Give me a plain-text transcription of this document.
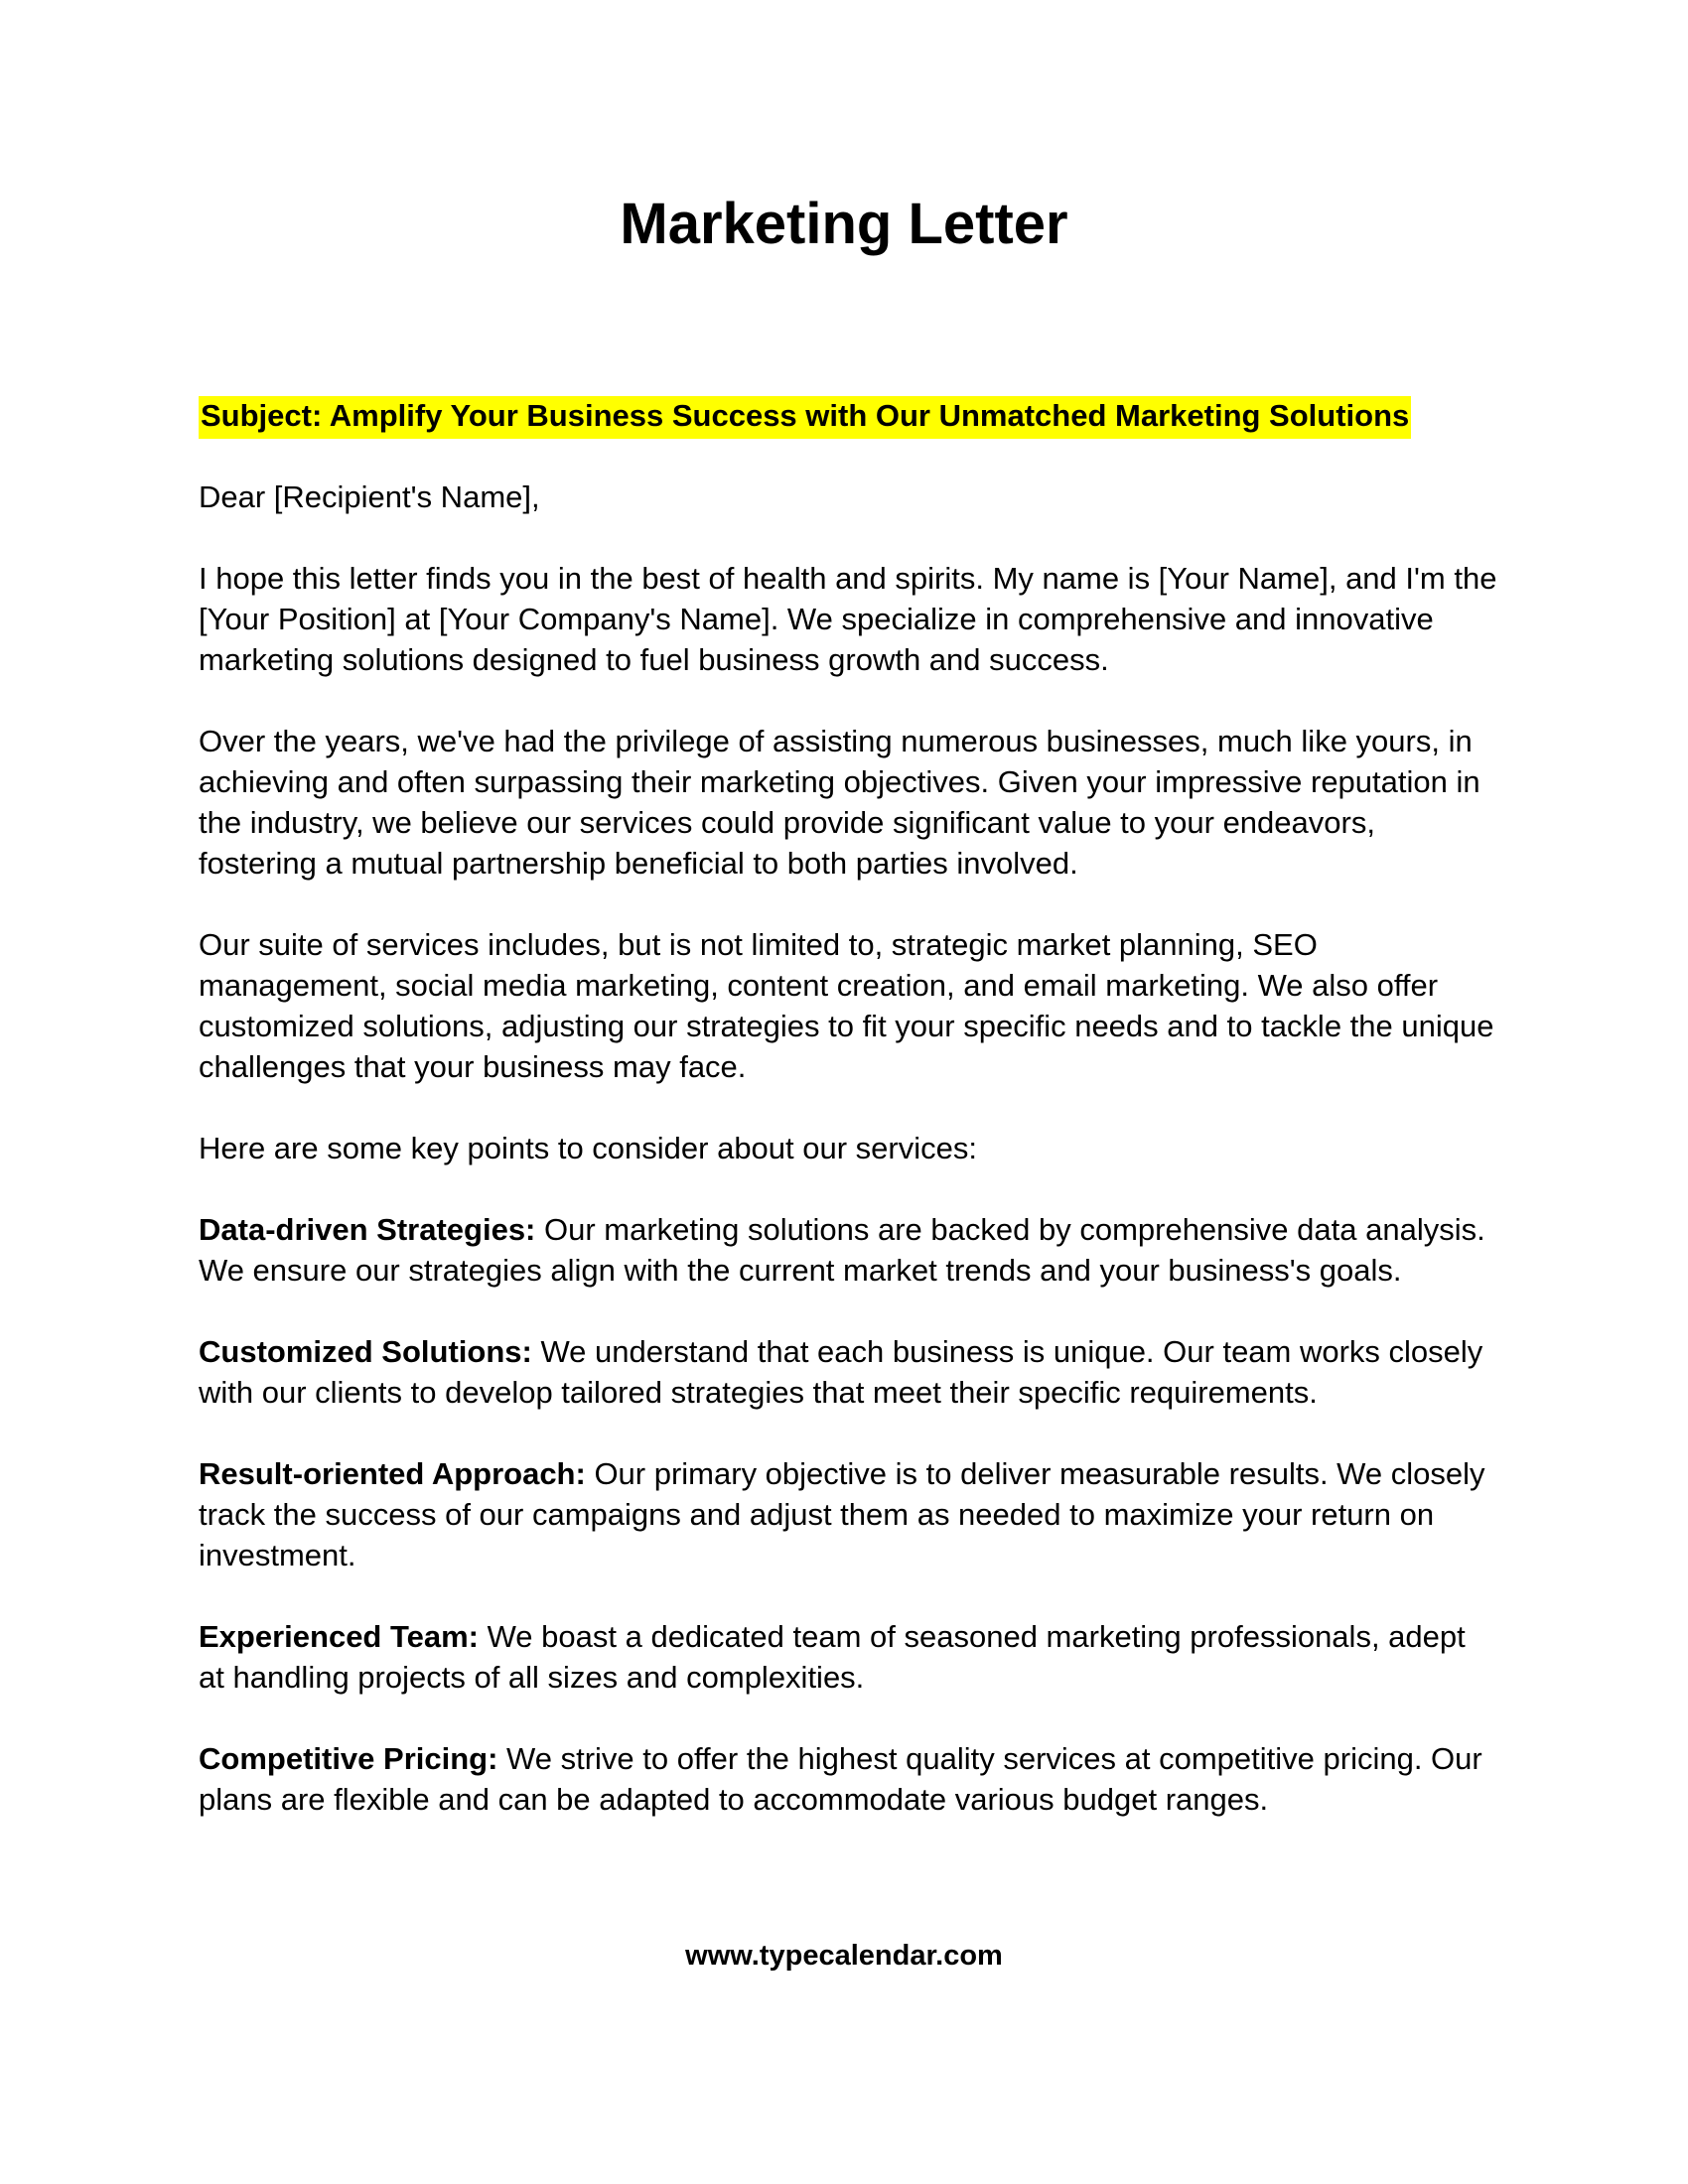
Marketing Letter

Subject: Amplify Your Business Success with Our Unmatched Marketing Solutions

Dear [Recipient's Name],

I hope this letter finds you in the best of health and spirits. My name is [Your Name], and I'm the [Your Position] at [Your Company's Name]. We specialize in comprehensive and innovative marketing solutions designed to fuel business growth and success.

Over the years, we've had the privilege of assisting numerous businesses, much like yours, in achieving and often surpassing their marketing objectives. Given your impressive reputation in the industry, we believe our services could provide significant value to your endeavors, fostering a mutual partnership beneficial to both parties involved.

Our suite of services includes, but is not limited to, strategic market planning, SEO management, social media marketing, content creation, and email marketing. We also offer customized solutions, adjusting our strategies to fit your specific needs and to tackle the unique challenges that your business may face.

Here are some key points to consider about our services:

Data-driven Strategies: Our marketing solutions are backed by comprehensive data analysis. We ensure our strategies align with the current market trends and your business's goals.

Customized Solutions: We understand that each business is unique. Our team works closely with our clients to develop tailored strategies that meet their specific requirements.

Result-oriented Approach: Our primary objective is to deliver measurable results. We closely track the success of our campaigns and adjust them as needed to maximize your return on investment.

Experienced Team: We boast a dedicated team of seasoned marketing professionals, adept at handling projects of all sizes and complexities.

Competitive Pricing: We strive to offer the highest quality services at competitive pricing. Our plans are flexible and can be adapted to accommodate various budget ranges.

www.typecalendar.com
